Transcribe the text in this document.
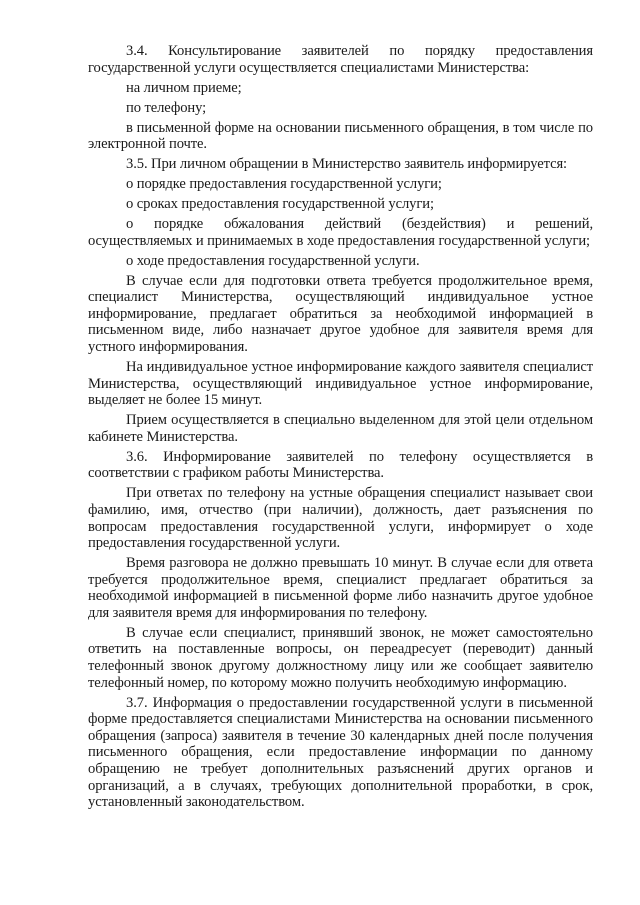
3.4. Консультирование заявителей по порядку предоставления государственной услуги осуществляется специалистами Министерства:

на личном приеме;

по телефону;

в письменной форме на основании письменного обращения, в том числе по электронной почте.

3.5. При личном обращении в Министерство заявитель информируется:

о порядке предоставления государственной услуги;

о сроках предоставления государственной услуги;

о порядке обжалования действий (бездействия) и решений, осуществляемых и принимаемых в ходе предоставления государственной услуги;

о ходе предоставления государственной услуги.

В случае если для подготовки ответа требуется продолжительное время, специалист Министерства, осуществляющий индивидуальное устное информирование, предлагает обратиться за необходимой информацией в письменном виде, либо назначает другое удобное для заявителя время для устного информирования.

На индивидуальное устное информирование каждого заявителя специалист Министерства, осуществляющий индивидуальное устное информирование, выделяет не более 15 минут.

Прием осуществляется в специально выделенном для этой цели отдельном кабинете Министерства.

3.6. Информирование заявителей по телефону осуществляется в соответствии с графиком работы Министерства.

При ответах по телефону на устные обращения специалист называет свои фамилию, имя, отчество (при наличии), должность, дает разъяснения по вопросам предоставления государственной услуги, информирует о ходе предоставления государственной услуги.

Время разговора не должно превышать 10 минут. В случае если для ответа требуется продолжительное время, специалист предлагает обратиться за необходимой информацией в письменной форме либо назначить другое удобное для заявителя время для информирования по телефону.

В случае если специалист, принявший звонок, не может самостоятельно ответить на поставленные вопросы, он переадресует (переводит) данный телефонный звонок другому должностному лицу или же сообщает заявителю телефонный номер, по которому можно получить необходимую информацию.

3.7. Информация о предоставлении государственной услуги в письменной форме предоставляется специалистами Министерства на основании письменного обращения (запроса) заявителя в течение 30 календарных дней после получения письменного обращения, если предоставление информации по данному обращению не требует дополнительных разъяснений других органов и организаций, а в случаях, требующих дополнительной проработки, в срок, установленный законодательством.
